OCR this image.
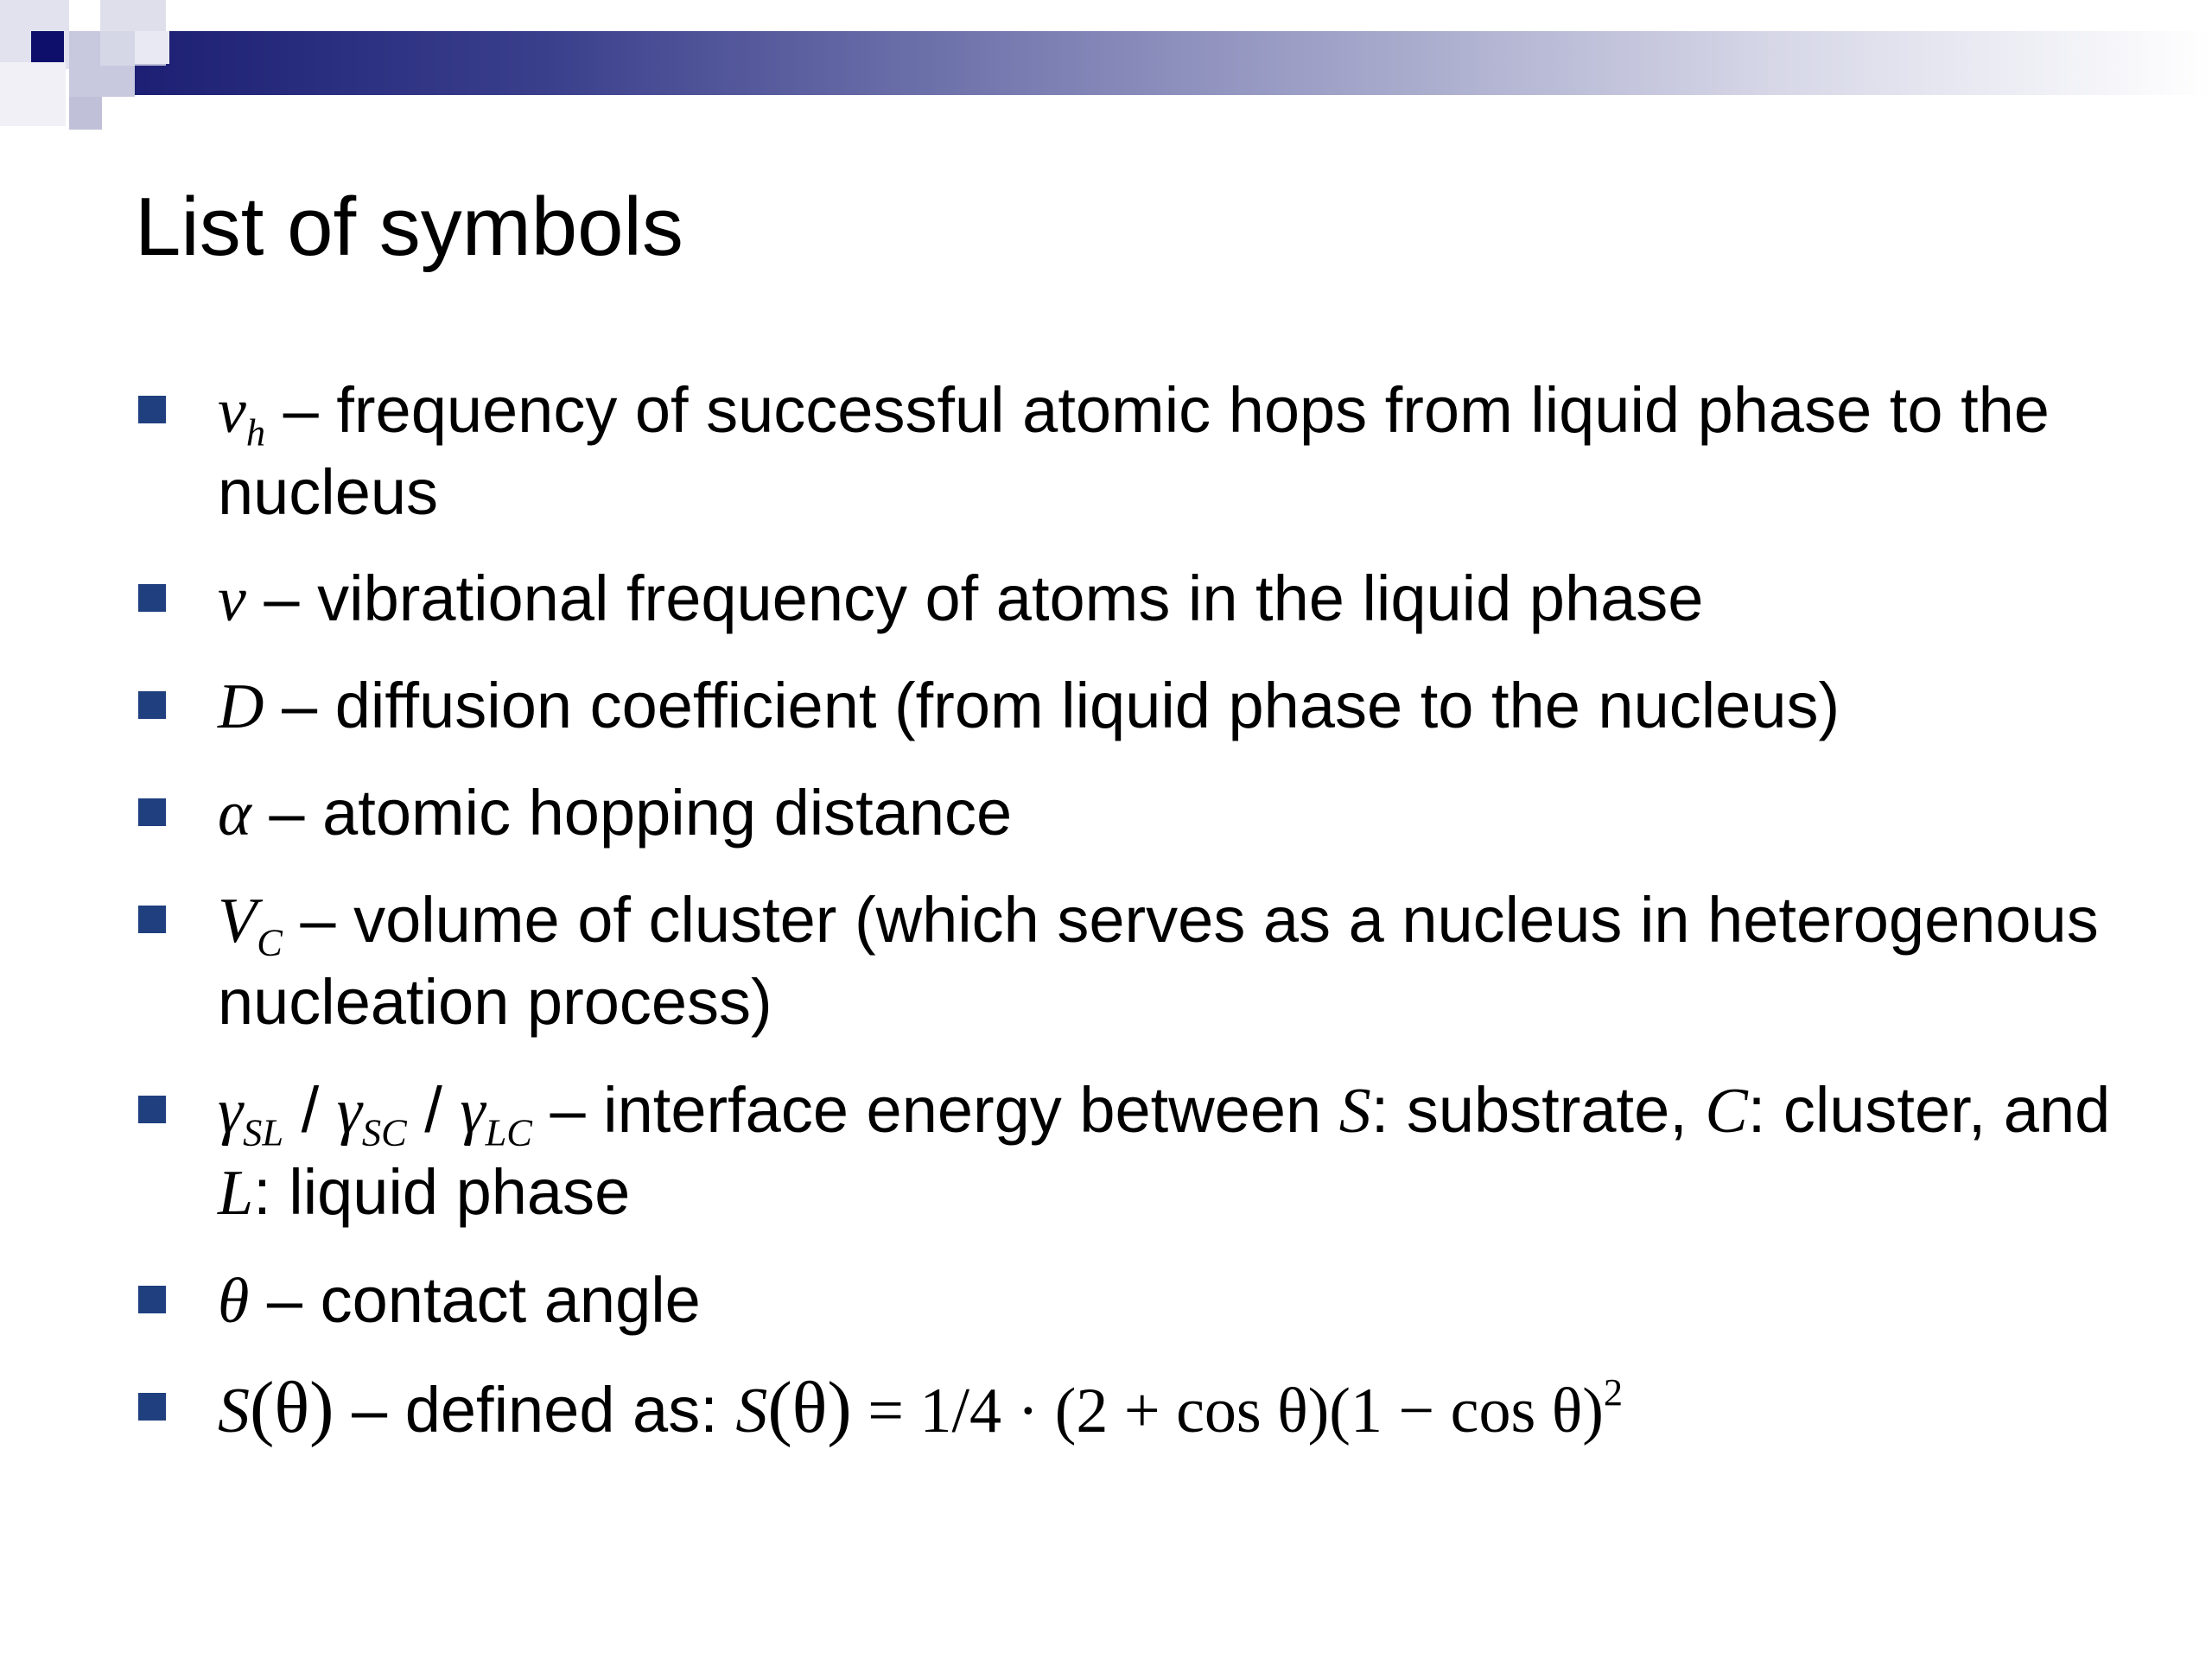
List of symbols
$\nu_h$ – frequency of successful atomic hops from liquid phase to the nucleus
ν – vibrational frequency of atoms in the liquid phase
D – diffusion coefficient (from liquid phase to the nucleus)
α – atomic hopping distance
$V_C$ – volume of cluster (which serves as a nucleus in heterogenous nucleation process)
$\gamma_{SL} / \gamma_{SC} / \gamma_{LC}$ – interface energy between S: substrate, C: cluster, and L: liquid phase
θ – contact angle
S(θ) – defined as: $S(\theta) = 1/4 \cdot (2 + \cos \theta)(1 - \cos \theta)^2$
